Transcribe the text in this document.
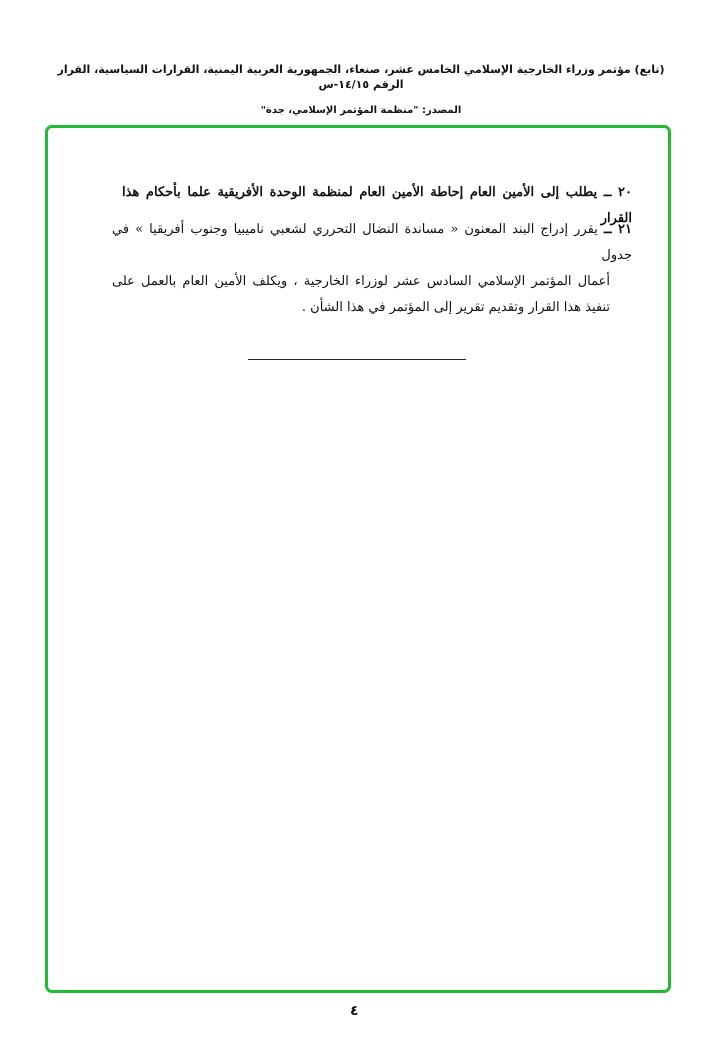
(تابع) مؤتمر وزراء الخارجية الإسلامي الخامس عشر، صنعاء، الجمهورية العربية اليمنية، القرارات السياسية، القرار الرقم ١٤/١٥-س
المصدر: "منظمة المؤتمر الإسلامي، جدة"
٢٠ ــ يطلب إلى الأمين العام إحاطة الأمين العام لمنظمة الوحدة الأفريقية علما بأحكام هذا القرار
٢١ ــ يقرر إدراج البند المعنون « مساندة النضال التحرري لشعبي ناميبيا وجنوب أفريقيا » في جدول
أعمال المؤتمر الإسلامي السادس عشر لوزراء الخارجية ، ويكلف الأمين العام بالعمل على تنفيذ هذا القرار وتقديم تقرير إلى المؤتمر في هذا الشأن .
٤
